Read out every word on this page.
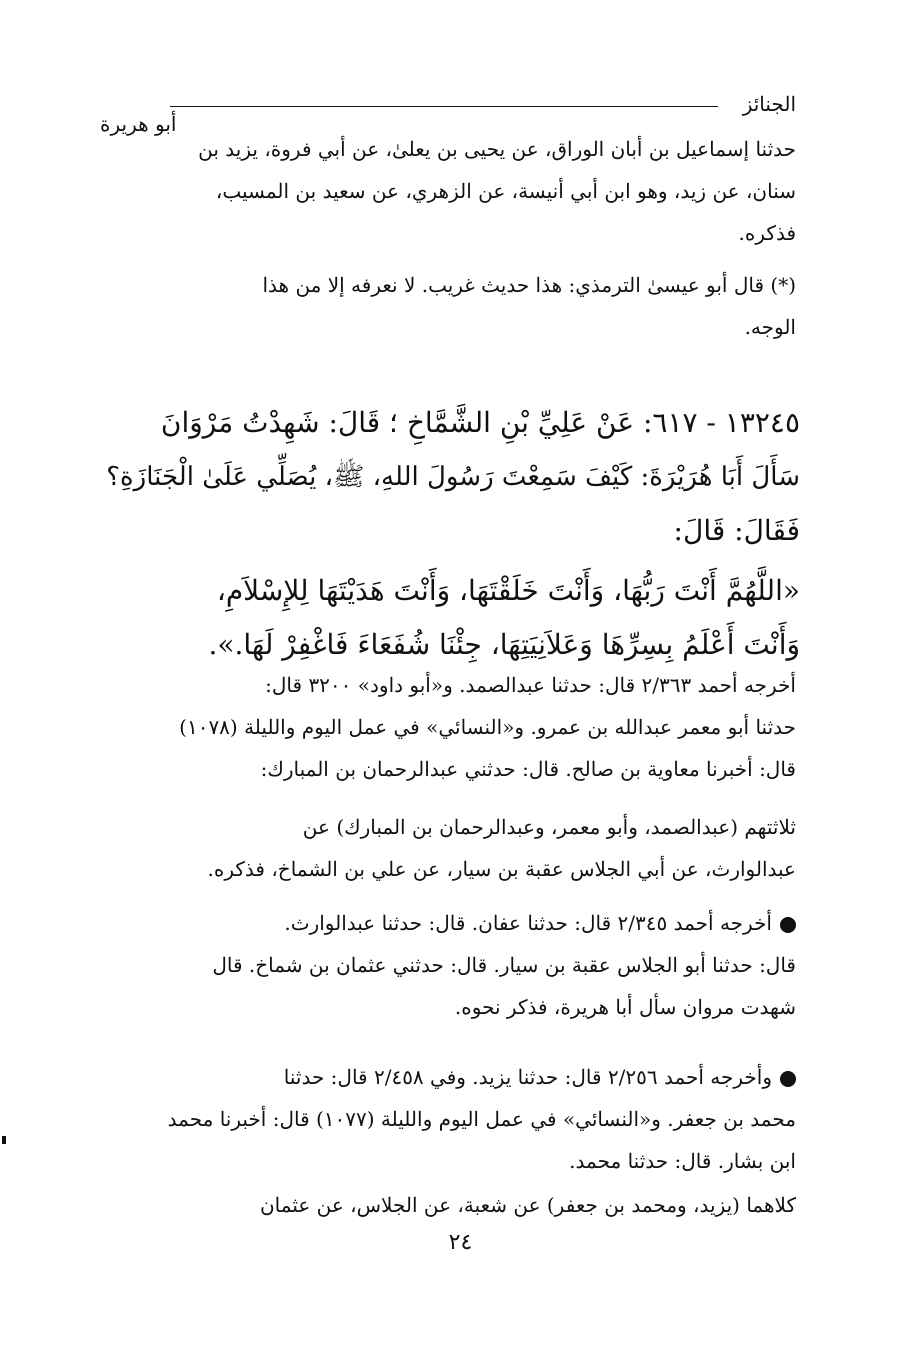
الجنائز
أبو هريرة

حدثنا إسماعيل بن أبان الوراق، عن يحيى بن يعلىٰ، عن أبي فروة، يزيد بن

سنان، عن زيد، وهو ابن أبي أنيسة، عن الزهري، عن سعيد بن المسيب،

فذكره.

(*) قال أبو عيسىٰ الترمذي: هذا حديث غريب. لا نعرفه إلا من هذا

الوجه.

١٣٢٤٥ - ٦١٧: عَنْ عَلِيِّ بْنِ الشَّمَّاخِ ؛ قَالَ: شَهِدْتُ مَرْوَانَ

سَأَلَ أَبَا هُرَيْرَةَ: كَيْفَ سَمِعْتَ رَسُولَ اللهِ، ﷺ، يُصَلِّي عَلَىٰ الْجَنَازَةِ؟

فَقَالَ: قَالَ:

«اللَّهُمَّ أَنْتَ رَبُّهَا، وَأَنْتَ خَلَقْتَهَا، وَأَنْتَ هَدَيْتَهَا لِلإِسْلاَمِ،

وَأَنْتَ أَعْلَمُ بِسِرِّهَا وَعَلاَنِيَتِهَا، جِئْنَا شُفَعَاءَ فَاغْفِرْ لَهَا.».

أخرجه أحمد ٢/٣٦٣ قال: حدثنا عبدالصمد. و«أبو داود» ٣٢٠٠ قال:

حدثنا أبو معمر عبدالله بن عمرو. و«النسائي» في عمل اليوم والليلة (١٠٧٨)

قال: أخبرنا معاوية بن صالح. قال: حدثني عبدالرحمان بن المبارك:

ثلاثتهم (عبدالصمد، وأبو معمر، وعبدالرحمان بن المبارك) عن

عبدالوارث، عن أبي الجلاس عقبة بن سيار، عن علي بن الشماخ، فذكره.

أخرجه أحمد ٢/٣٤٥ قال: حدثنا عفان. قال: حدثنا عبدالوارث.

قال: حدثنا أبو الجلاس عقبة بن سيار. قال: حدثني عثمان بن شماخ. قال

شهدت مروان سأل أبا هريرة، فذكر نحوه.

وأخرجه أحمد ٢/٢٥٦ قال: حدثنا يزيد. وفي ٢/٤٥٨ قال: حدثنا

محمد بن جعفر. و«النسائي» في عمل اليوم والليلة (١٠٧٧) قال: أخبرنا محمد

ابن بشار. قال: حدثنا محمد.

كلاهما (يزيد، ومحمد بن جعفر) عن شعبة، عن الجلاس، عن عثمان

٢٤
